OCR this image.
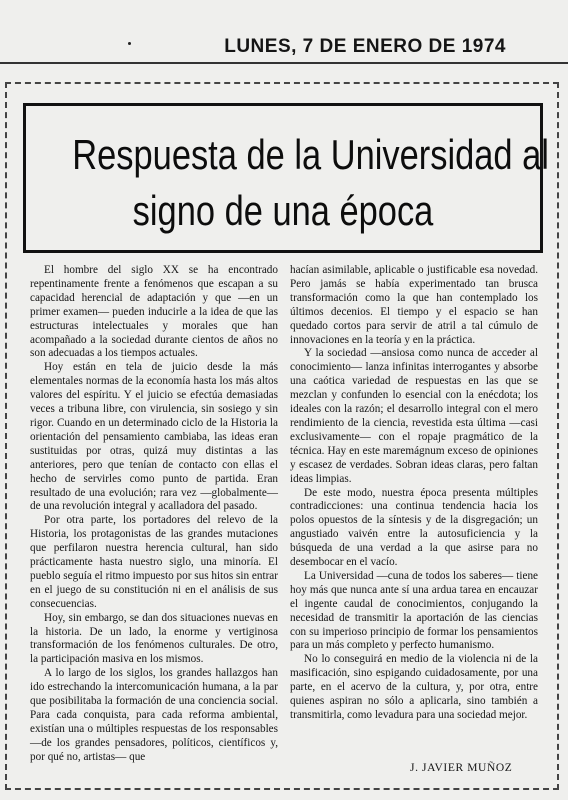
LUNES, 7 DE ENERO DE 1974
Respuesta de la Universidad al
signo de una época

El hombre del siglo XX se ha encontrado repentinamente frente a fenómenos que escapan a su capacidad herencial de adaptación y que —en un primer examen— pueden inducirle a la idea de que las estructuras intelectuales y morales que han acompañado a la sociedad durante cientos de años no son adecuadas a los tiempos actuales.

Hoy están en tela de juicio desde la más elementales normas de la economía hasta los más altos valores del espíritu. Y el juicio se efectúa demasiadas veces a tribuna libre, con virulencia, sin sosiego y sin rigor. Cuando en un determinado ciclo de la Historia la orientación del pensamiento cambiaba, las ideas eran sustituidas por otras, quizá muy distintas a las anteriores, pero que tenían de contacto con ellas el hecho de servirles como punto de partida. Eran resultado de una evolución; rara vez —globalmente— de una revolución integral y acalladora del pasado.

Por otra parte, los portadores del relevo de la Historia, los protagonistas de las grandes mutaciones que perfilaron nuestra herencia cultural, han sido prácticamente hasta nuestro siglo, una minoría. El pueblo seguía el ritmo impuesto por sus hitos sin entrar en el juego de su constitución ni en el análisis de sus consecuencias.

Hoy, sin embargo, se dan dos situaciones nuevas en la historia. De un lado, la enorme y vertiginosa transformación de los fenómenos culturales. De otro, la participación masiva en los mismos.

A lo largo de los siglos, los grandes hallazgos han ido estrechando la intercomunicación humana, a la par que posibilitaba la formación de una conciencia social. Para cada conquista, para cada reforma ambiental, existían una o múltiples respuestas de los responsables —de los grandes pensadores, políticos, científicos y, por qué no, artistas— que

hacían asimilable, aplicable o justificable esa novedad. Pero jamás se había experimentado tan brusca transformación como la que han contemplado los últimos decenios. El tiempo y el espacio se han quedado cortos para servir de atril a tal cúmulo de innovaciones en la teoría y en la práctica.

Y la sociedad —ansiosa como nunca de acceder al conocimiento— lanza infinitas interrogantes y absorbe una caótica variedad de respuestas en las que se mezclan y confunden lo esencial con la enécdota; los ideales con la razón; el desarrollo integral con el mero rendimiento de la ciencia, revestida esta última —casi exclusivamente— con el ropaje pragmático de la técnica. Hay en este maremágnum exceso de opiniones y escasez de verdades. Sobran ideas claras, pero faltan ideas limpias.

De este modo, nuestra época presenta múltiples contradicciones: una continua tendencia hacia los polos opuestos de la síntesis y de la disgregación; un angustiado vaivén entre la autosuficiencia y la búsqueda de una verdad a la que asirse para no desembocar en el vacío.

La Universidad —cuna de todos los saberes— tiene hoy más que nunca ante sí una ardua tarea en encauzar el ingente caudal de conocimientos, conjugando la necesidad de transmitir la aportación de las ciencias con su imperioso principio de formar los pensamientos para un más completo y perfecto humanismo.

No lo conseguirá en medio de la violencia ni de la masificación, sino espigando cuidadosamente, por una parte, en el acervo de la cultura, y, por otra, entre quienes aspiran no sólo a aplicarla, sino también a transmitirla, como levadura para una sociedad mejor.

J. JAVIER MUÑOZ
